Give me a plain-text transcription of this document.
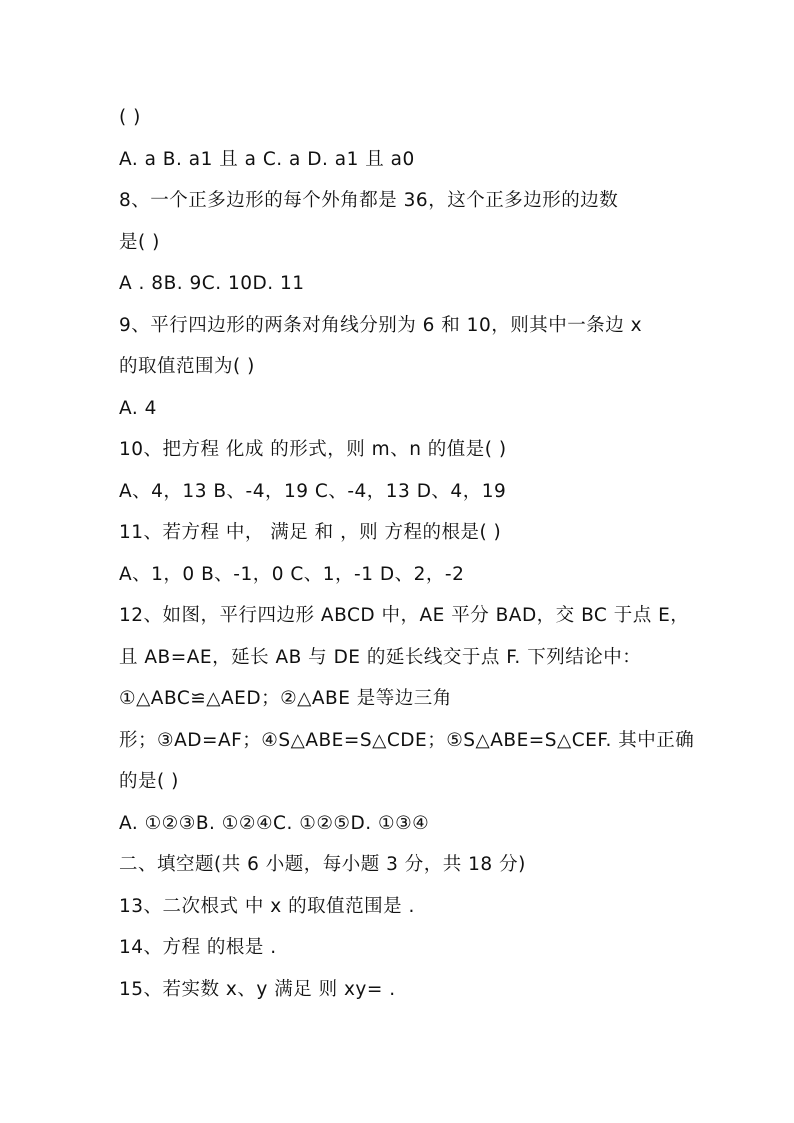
( )
A. a B. a1 且 a C. a D. a1 且 a0
8、一个正多边形的每个外角都是 36，这个正多边形的边数
是( )
A . 8B. 9C. 10D. 11
9、平行四边形的两条对角线分别为 6 和 10，则其中一条边 x
的取值范围为( )
A. 4
10、把方程 化成 的形式，则 m、n 的值是( )
A、4，13 B、-4，19 C、-4，13 D、4，19
11、若方程 中， 满足 和 ，则 方程的根是( )
A、1，0 B、-1，0 C、1，-1 D、2，-2
12、如图，平行四边形 ABCD 中，AE 平分 BAD，交 BC 于点 E，
且 AB=AE，延长 AB 与 DE 的延长线交于点 F. 下列结论中：
①△ABC≌△AED；②△ABE 是等边三角
形；③AD=AF；④S△ABE=S△CDE；⑤S△ABE=S△CEF. 其中正确
的是( )
A. ①②③B. ①②④C. ①②⑤D. ①③④
二、填空题(共 6 小题，每小题 3 分，共 18 分)
13、二次根式 中 x 的取值范围是 .
14、方程 的根是 .
15、若实数 x、y 满足 则 xy= .
